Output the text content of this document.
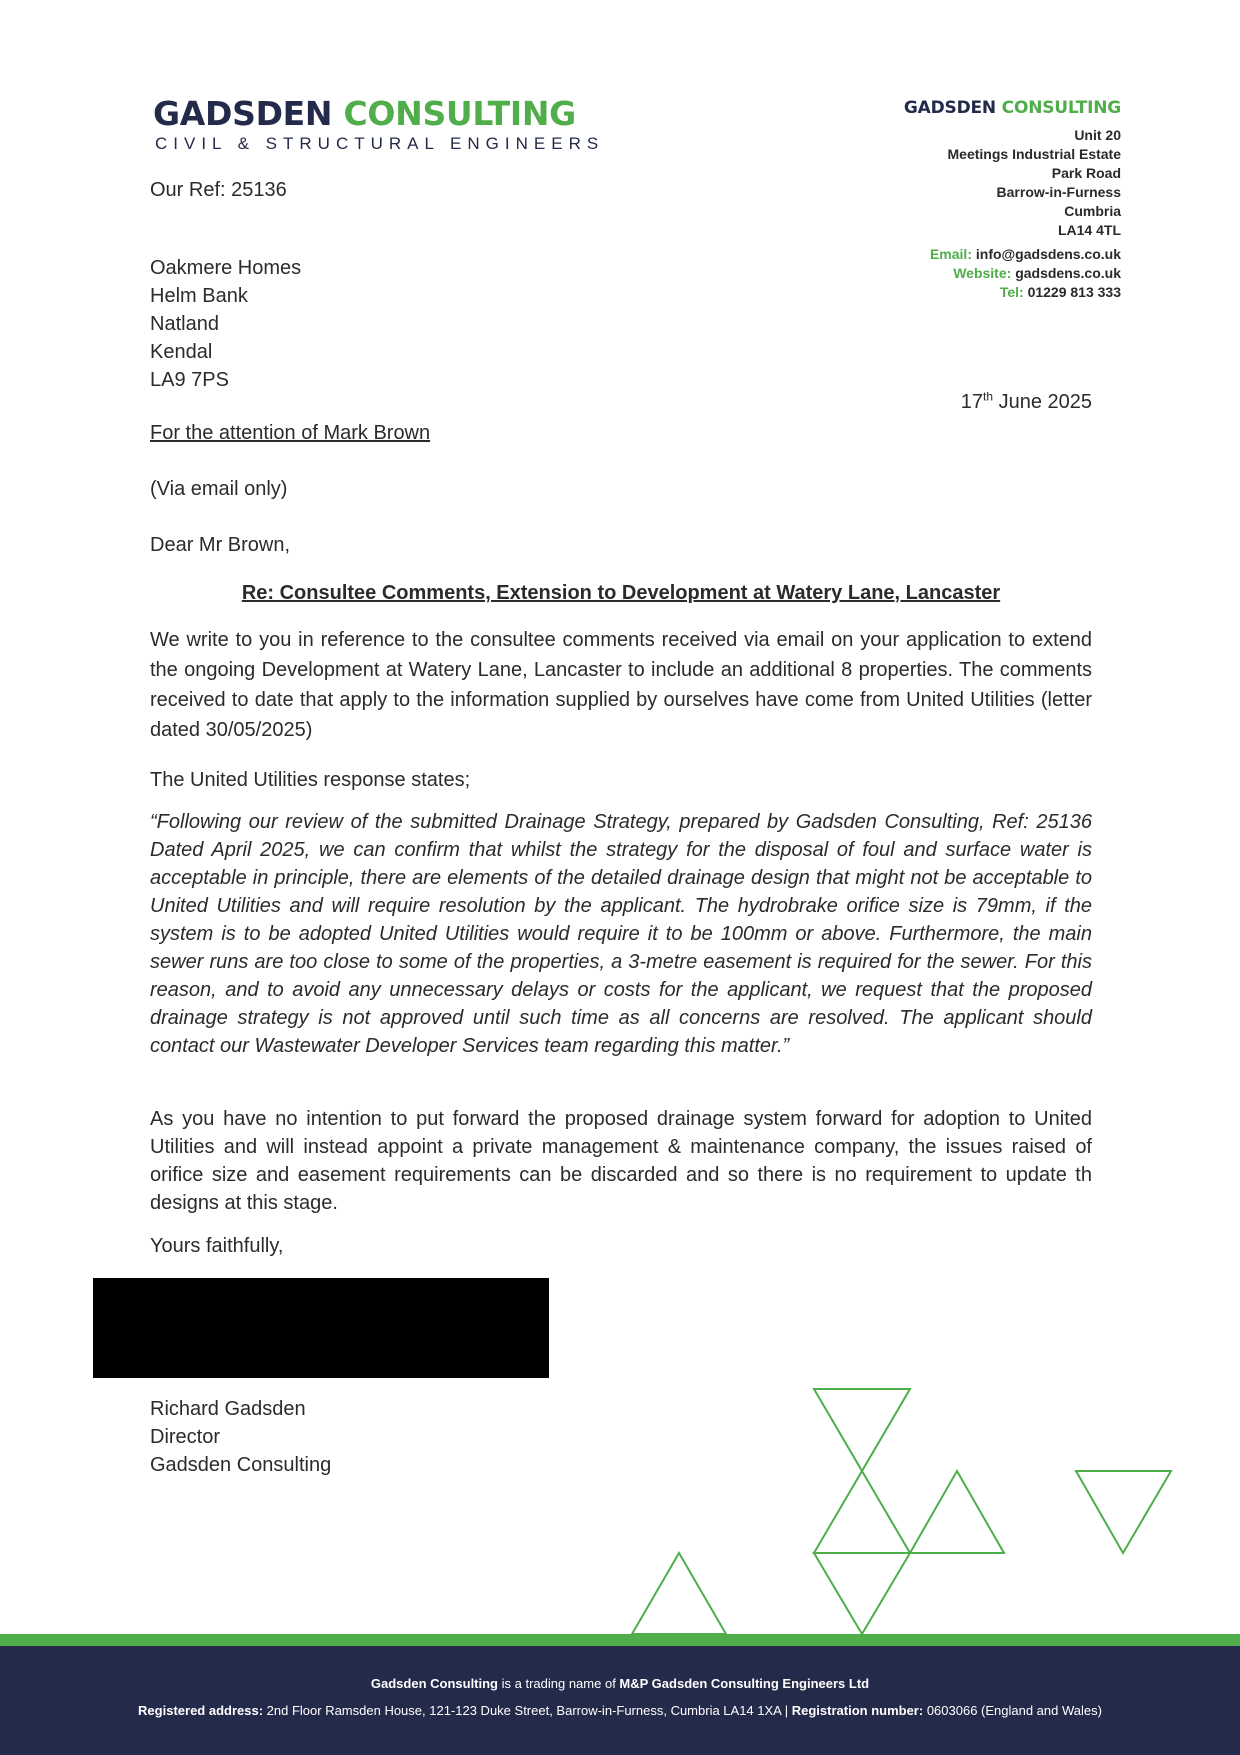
GADSDEN CONSULTING
CIVIL & STRUCTURAL ENGINEERS
GADSDEN CONSULTING
Unit 20
Meetings Industrial Estate
Park Road
Barrow-in-Furness
Cumbria
LA14 4TL
Email: info@gadsdens.co.uk
Website: gadsdens.co.uk
Tel: 01229 813 333
Our Ref: 25136
Oakmere Homes
Helm Bank
Natland
Kendal
LA9 7PS
17th June 2025
For the attention of Mark Brown
(Via email only)
Dear Mr Brown,
Re: Consultee Comments, Extension to Development at Watery Lane, Lancaster
We write to you in reference to the consultee comments received via email on your application to extend the ongoing Development at Watery Lane, Lancaster to include an additional 8 properties. The comments received to date that apply to the information supplied by ourselves have come from United Utilities (letter dated 30/05/2025)
The United Utilities response states;
“Following our review of the submitted Drainage Strategy, prepared by Gadsden Consulting, Ref: 25136 Dated April 2025, we can confirm that whilst the strategy for the disposal of foul and surface water is acceptable in principle, there are elements of the detailed drainage design that might not be acceptable to United Utilities and will require resolution by the applicant. The hydrobrake orifice size is 79mm, if the system is to be adopted United Utilities would require it to be 100mm or above. Furthermore, the main sewer runs are too close to some of the properties, a 3-metre easement is required for the sewer. For this reason, and to avoid any unnecessary delays or costs for the applicant, we request that the proposed drainage strategy is not approved until such time as all concerns are resolved. The applicant should contact our Wastewater Developer Services team regarding this matter.”
As you have no intention to put forward the proposed drainage system forward for adoption to United Utilities and will instead appoint a private management & maintenance company, the issues raised of orifice size and easement requirements can be discarded and so there is no requirement to update th designs at this stage.
Yours faithfully,
Richard Gadsden
Director
Gadsden Consulting
Gadsden Consulting is a trading name of M&P Gadsden Consulting Engineers Ltd
Registered address: 2nd Floor Ramsden House, 121-123 Duke Street, Barrow-in-Furness, Cumbria LA14 1XA | Registration number: 0603066 (England and Wales)
